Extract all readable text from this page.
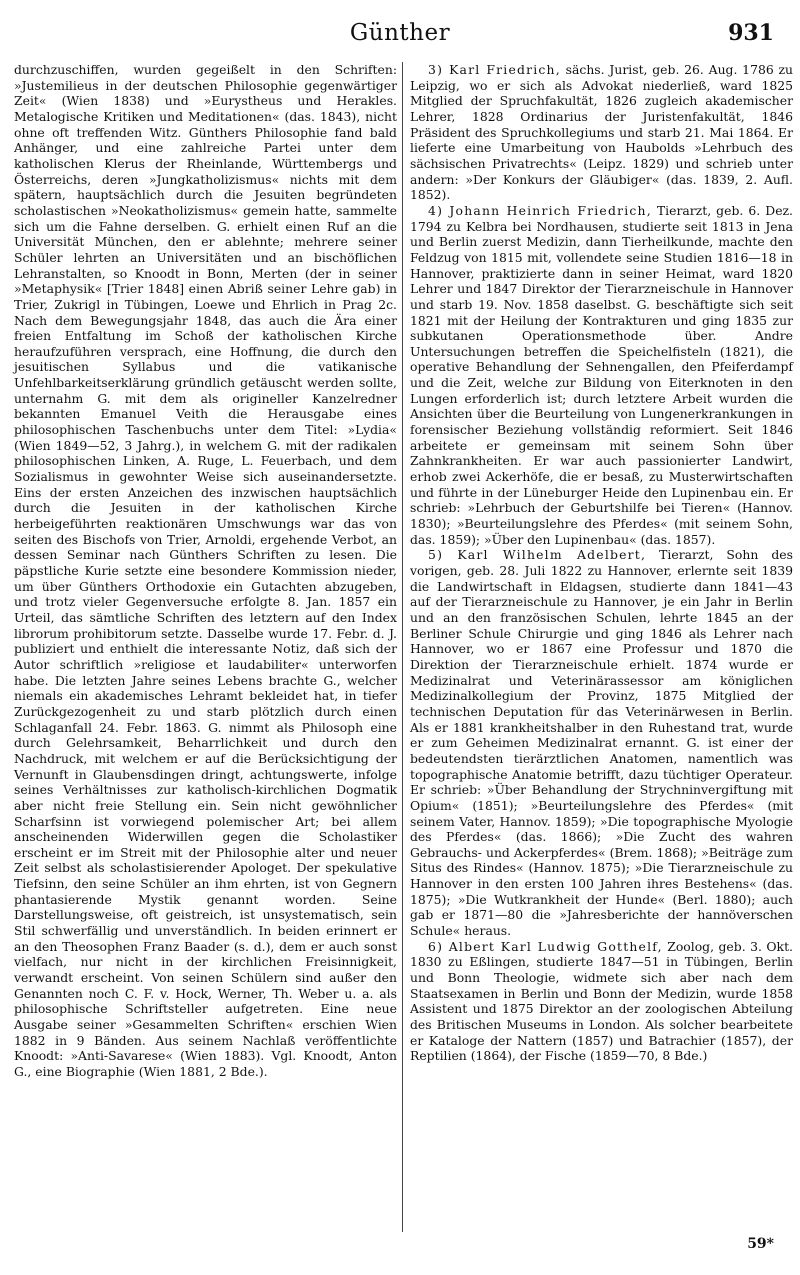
Günther	931

durchzuschiffen, wurden gegeißelt in den Schriften: »Justemilieus in der deutschen Philosophie gegenwärtiger Zeit« (Wien 1838) und »Eurystheus und Herakles. Metalogische Kritiken und Meditationen« (das. 1843), nicht ohne oft treffenden Witz. Günthers Philosophie fand bald Anhänger, und eine zahlreiche Partei unter dem katholischen Klerus der Rheinlande, Württembergs und Österreichs, deren »Jungkatholizismus« nichts mit dem spätern, hauptsächlich durch die Jesuiten begründeten scholastischen »Neokatholizismus« gemein hatte, sammelte sich um die Fahne derselben. G. erhielt einen Ruf an die Universität München, den er ablehnte; mehrere seiner Schüler lehrten an Universitäten und an bischöflichen Lehranstalten, so Knoodt in Bonn, Merten (der in seiner »Metaphysik« [Trier 1848] einen Abriß seiner Lehre gab) in Trier, Zukrigl in Tübingen, Loewe und Ehrlich in Prag 2c. Nach dem Bewegungsjahr 1848, das auch die Ära einer freien Entfaltung im Schoß der katholischen Kirche heraufzuführen versprach, eine Hoffnung, die durch den jesuitischen Syllabus und die vatikanische Unfehlbarkeitserklärung gründlich getäuscht werden sollte, unternahm G. mit dem als origineller Kanzelredner bekannten Emanuel Veith die Herausgabe eines philosophischen Taschenbuchs unter dem Titel: »Lydia« (Wien 1849—52, 3 Jahrg.), in welchem G. mit der radikalen philosophischen Linken, A. Ruge, L. Feuerbach, und dem Sozialismus in gewohnter Weise sich auseinandersetzte. Eins der ersten Anzeichen des inzwischen hauptsächlich durch die Jesuiten in der katholischen Kirche herbeigeführten reaktionären Umschwungs war das von seiten des Bischofs von Trier, Arnoldi, ergehende Verbot, an dessen Seminar nach Günthers Schriften zu lesen. Die päpstliche Kurie setzte eine besondere Kommission nieder, um über Günthers Orthodoxie ein Gutachten abzugeben, und trotz vieler Gegenversuche erfolgte 8. Jan. 1857 ein Urteil, das sämtliche Schriften des letztern auf den Index librorum prohibitorum setzte. Dasselbe wurde 17. Febr. d. J. publiziert und enthielt die interessante Notiz, daß sich der Autor schriftlich »religiose et laudabiliter« unterworfen habe. Die letzten Jahre seines Lebens brachte G., welcher niemals ein akademisches Lehramt bekleidet hat, in tiefer Zurückgezogenheit zu und starb plötzlich durch einen Schlaganfall 24. Febr. 1863. G. nimmt als Philosoph eine durch Gelehrsamkeit, Beharrlichkeit und durch den Nachdruck, mit welchem er auf die Berücksichtigung der Vernunft in Glaubensdingen dringt, achtungswerte, infolge seines Verhältnisses zur katholisch-kirchlichen Dogmatik aber nicht freie Stellung ein. Sein nicht gewöhnlicher Scharfsinn ist vorwiegend polemischer Art; bei allem anscheinenden Widerwillen gegen die Scholastiker erscheint er im Streit mit der Philosophie alter und neuer Zeit selbst als scholastisierender Apologet. Der spekulative Tiefsinn, den seine Schüler an ihm ehrten, ist von Gegnern phantasierende Mystik genannt worden. Seine Darstellungsweise, oft geistreich, ist unsystematisch, sein Stil schwerfällig und unverständlich. In beiden erinnert er an den Theosophen Franz Baader (s. d.), dem er auch sonst vielfach, nur nicht in der kirchlichen Freisinnigkeit, verwandt erscheint. Von seinen Schülern sind außer den Genannten noch C. F. v. Hock, Werner, Th. Weber u. a. als philosophische Schriftsteller aufgetreten. Eine neue Ausgabe seiner »Gesammelten Schriften« erschien Wien 1882 in 9 Bänden. Aus seinem Nachlaß veröffentlichte Knoodt: »Anti-Savarese« (Wien 1883). Vgl. Knoodt, Anton G., eine Biographie (Wien 1881, 2 Bde.).

3) Karl Friedrich, sächs. Jurist, geb. 26. Aug. 1786 zu Leipzig, wo er sich als Advokat niederließ, ward 1825 Mitglied der Spruchfakultät, 1826 zugleich akademischer Lehrer, 1828 Ordinarius der Juristenfakultät, 1846 Präsident des Spruchkollegiums und starb 21. Mai 1864. Er lieferte eine Umarbeitung von Haubolds »Lehrbuch des sächsischen Privatrechts« (Leipz. 1829) und schrieb unter andern: »Der Konkurs der Gläubiger« (das. 1839, 2. Aufl. 1852).

4) Johann Heinrich Friedrich, Tierarzt, geb. 6. Dez. 1794 zu Kelbra bei Nordhausen, studierte seit 1813 in Jena und Berlin zuerst Medizin, dann Tierheilkunde, machte den Feldzug von 1815 mit, vollendete seine Studien 1816—18 in Hannover, praktizierte dann in seiner Heimat, ward 1820 Lehrer und 1847 Direktor der Tierarzneischule in Hannover und starb 19. Nov. 1858 daselbst. G. beschäftigte sich seit 1821 mit der Heilung der Kontrakturen und ging 1835 zur subkutanen Operationsmethode über. Andre Untersuchungen betreffen die Speichelfisteln (1821), die operative Behandlung der Sehnengallen, den Pfeiferdampf und die Zeit, welche zur Bildung von Eiterknoten in den Lungen erforderlich ist; durch letztere Arbeit wurden die Ansichten über die Beurteilung von Lungenerkrankungen in forensischer Beziehung vollständig reformiert. Seit 1846 arbeitete er gemeinsam mit seinem Sohn über Zahnkrankheiten. Er war auch passionierter Landwirt, erhob zwei Ackerhöfe, die er besaß, zu Musterwirtschaften und führte in der Lüneburger Heide den Lupinenbau ein. Er schrieb: »Lehrbuch der Geburtshilfe bei Tieren« (Hannov. 1830); »Beurteilungslehre des Pferdes« (mit seinem Sohn, das. 1859); »Über den Lupinenbau« (das. 1857).

5) Karl Wilhelm Adelbert, Tierarzt, Sohn des vorigen, geb. 28. Juli 1822 zu Hannover, erlernte seit 1839 die Landwirtschaft in Eldagsen, studierte dann 1841—43 auf der Tierarzneischule zu Hannover, je ein Jahr in Berlin und an den französischen Schulen, lehrte 1845 an der Berliner Schule Chirurgie und ging 1846 als Lehrer nach Hannover, wo er 1867 eine Professur und 1870 die Direktion der Tierarzneischule erhielt. 1874 wurde er Medizinalrat und Veterinärassessor am königlichen Medizinalkollegium der Provinz, 1875 Mitglied der technischen Deputation für das Veterinärwesen in Berlin. Als er 1881 krankheitshalber in den Ruhestand trat, wurde er zum Geheimen Medizinalrat ernannt. G. ist einer der bedeutendsten tierärztlichen Anatomen, namentlich was topographische Anatomie betrifft, dazu tüchtiger Operateur. Er schrieb: »Über Behandlung der Strychninvergiftung mit Opium« (1851); »Beurteilungslehre des Pferdes« (mit seinem Vater, Hannov. 1859); »Die topographische Myologie des Pferdes« (das. 1866); »Die Zucht des wahren Gebrauchs- und Ackerpferdes« (Brem. 1868); »Beiträge zum Situs des Rindes« (Hannov. 1875); »Die Tierarzneischule zu Hannover in den ersten 100 Jahren ihres Bestehens« (das. 1875); »Die Wutkrankheit der Hunde« (Berl. 1880); auch gab er 1871—80 die »Jahresberichte der hannöverschen Schule« heraus.

6) Albert Karl Ludwig Gotthelf, Zoolog, geb. 3. Okt. 1830 zu Eßlingen, studierte 1847—51 in Tübingen, Berlin und Bonn Theologie, widmete sich aber nach dem Staatsexamen in Berlin und Bonn der Medizin, wurde 1858 Assistent und 1875 Direktor an der zoologischen Abteilung des Britischen Museums in London. Als solcher bearbeitete er Kataloge der Nattern (1857) und Batrachier (1857), der Reptilien (1864), der Fische (1859—70, 8 Bde.)

59*
